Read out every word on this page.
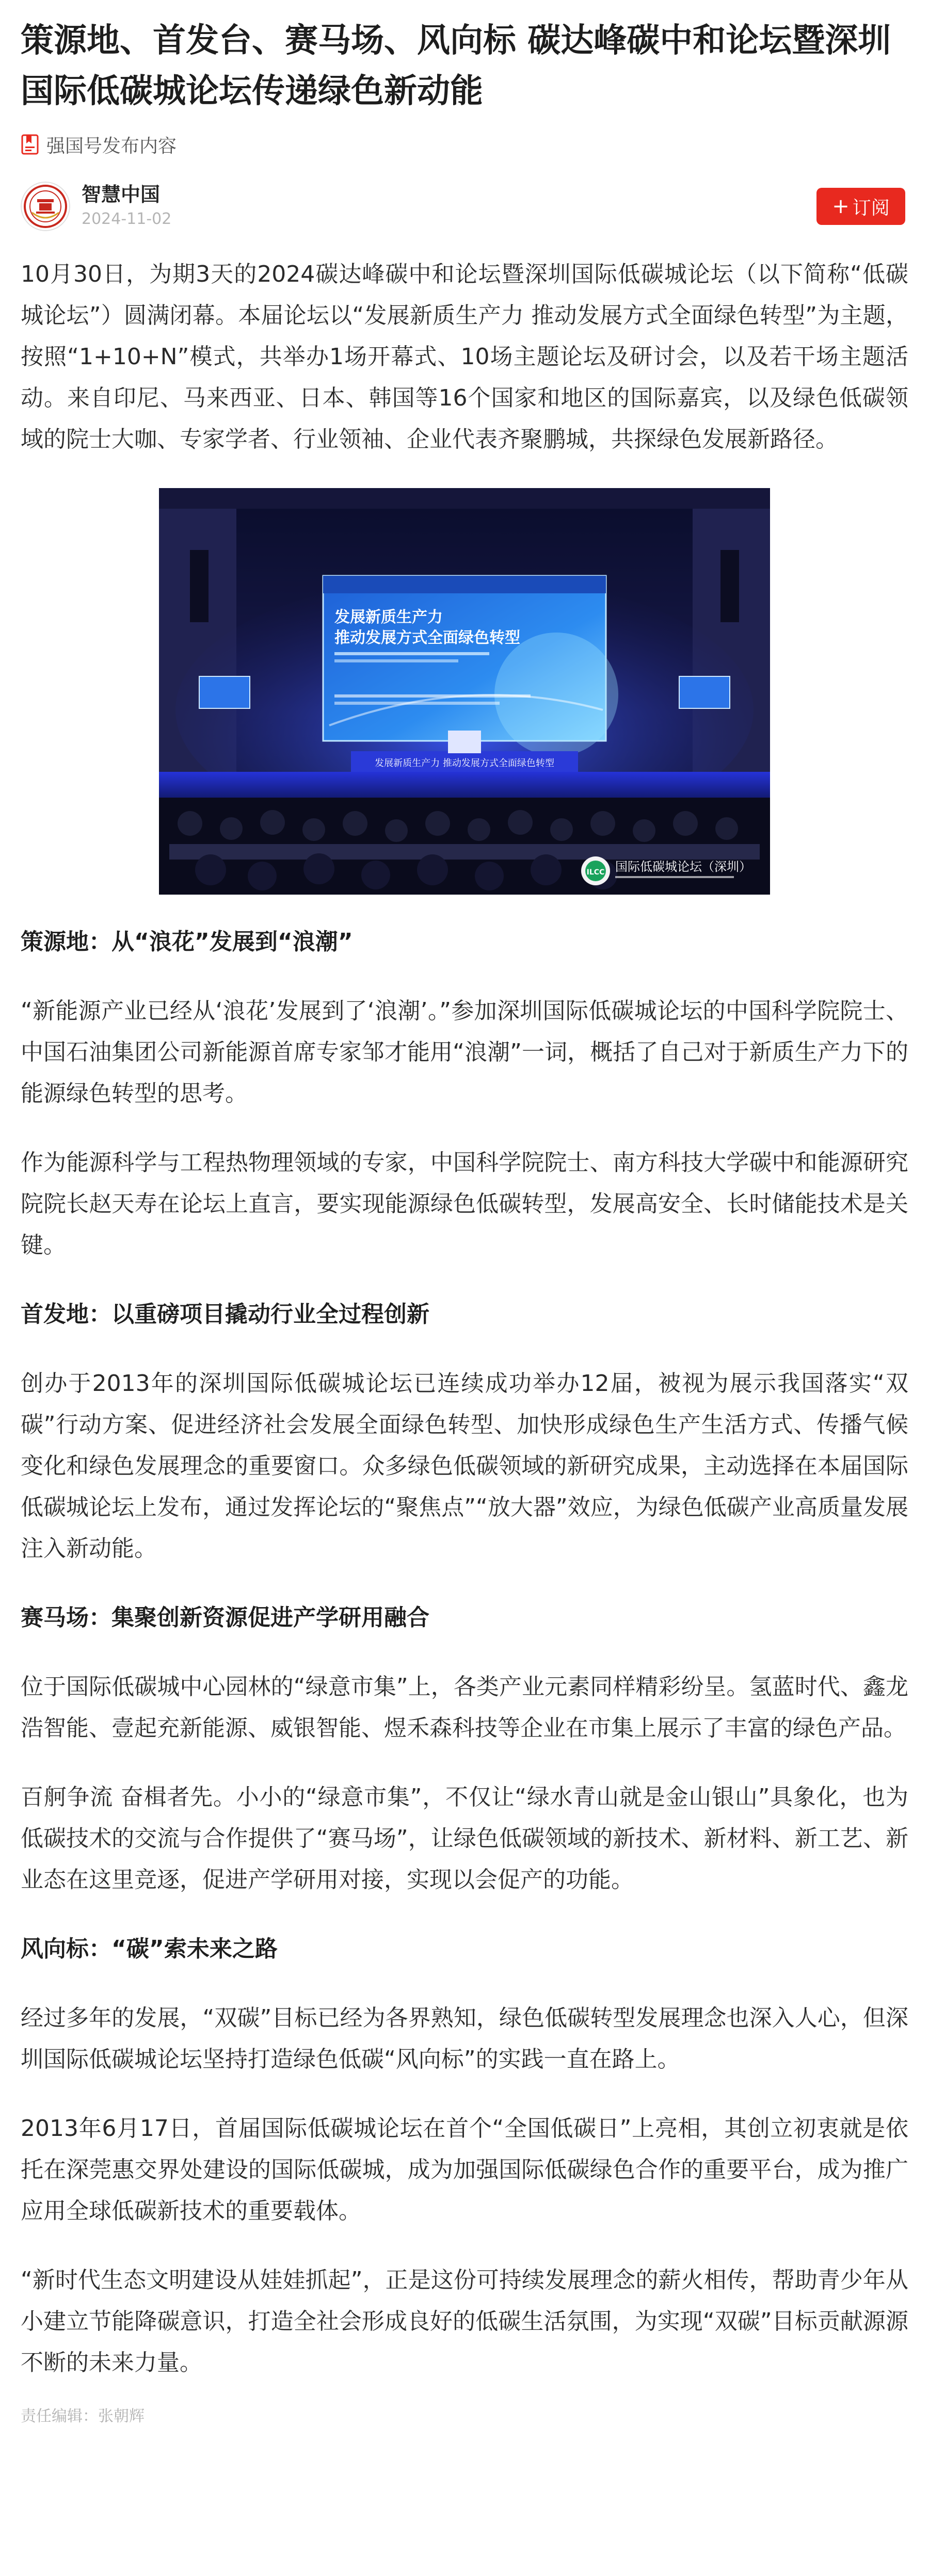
策源地、首发台、赛马场、风向标 碳达峰碳中和论坛暨深圳国际低碳城论坛传递绿色新动能
强国号发布内容
智慧中国
2024-11-02
+ 订阅

10月30日，为期3天的2024碳达峰碳中和论坛暨深圳国际低碳城论坛（以下简称“低碳城论坛”）圆满闭幕。本届论坛以“发展新质生产力 推动发展方式全面绿色转型”为主题，按照“1+10+N”模式，共举办1场开幕式、10场主题论坛及研讨会，以及若干场主题活动。来自印尼、马来西亚、日本、韩国等16个国家和地区的国际嘉宾，以及绿色低碳领域的院士大咖、专家学者、行业领袖、企业代表齐聚鹏城，共探绿色发展新路径。

发展新质生产力
推动发展方式全面绿色转型
发展新质生产力 推动发展方式全面绿色转型
ILCC 国际低碳城论坛（深圳）

策源地：从“浪花”发展到“浪潮”

“新能源产业已经从‘浪花’发展到了‘浪潮’。”参加深圳国际低碳城论坛的中国科学院院士、中国石油集团公司新能源首席专家邹才能用“浪潮”一词，概括了自己对于新质生产力下的能源绿色转型的思考。

作为能源科学与工程热物理领域的专家，中国科学院院士、南方科技大学碳中和能源研究院院长赵天寿在论坛上直言，要实现能源绿色低碳转型，发展高安全、长时储能技术是关键。

首发地：以重磅项目撬动行业全过程创新

创办于2013年的深圳国际低碳城论坛已连续成功举办12届，被视为展示我国落实“双碳”行动方案、促进经济社会发展全面绿色转型、加快形成绿色生产生活方式、传播气候变化和绿色发展理念的重要窗口。众多绿色低碳领域的新研究成果，主动选择在本届国际低碳城论坛上发布，通过发挥论坛的“聚焦点”“放大器”效应，为绿色低碳产业高质量发展注入新动能。

赛马场：集聚创新资源促进产学研用融合

位于国际低碳城中心园林的“绿意市集”上，各类产业元素同样精彩纷呈。氢蓝时代、鑫龙浩智能、壹起充新能源、威银智能、煜禾森科技等企业在市集上展示了丰富的绿色产品。

百舸争流 奋楫者先。小小的“绿意市集”，不仅让“绿水青山就是金山银山”具象化，也为低碳技术的交流与合作提供了“赛马场”，让绿色低碳领域的新技术、新材料、新工艺、新业态在这里竞逐，促进产学研用对接，实现以会促产的功能。

风向标：“碳”索未来之路

经过多年的发展，“双碳”目标已经为各界熟知，绿色低碳转型发展理念也深入人心，但深圳国际低碳城论坛坚持打造绿色低碳“风向标”的实践一直在路上。

2013年6月17日，首届国际低碳城论坛在首个“全国低碳日”上亮相，其创立初衷就是依托在深莞惠交界处建设的国际低碳城，成为加强国际低碳绿色合作的重要平台，成为推广应用全球低碳新技术的重要载体。

“新时代生态文明建设从娃娃抓起”，正是这份可持续发展理念的薪火相传，帮助青少年从小建立节能降碳意识，打造全社会形成良好的低碳生活氛围，为实现“双碳”目标贡献源源不断的未来力量。

责任编辑：张朝辉
